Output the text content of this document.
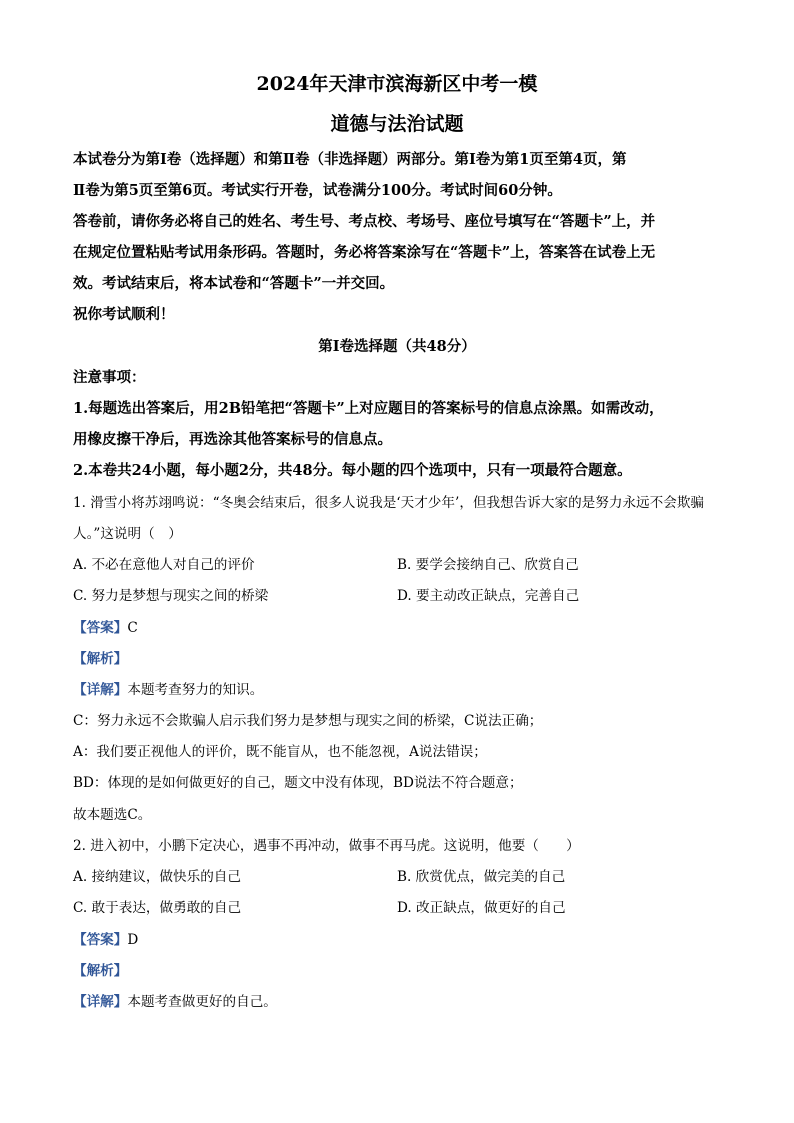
2024年天津市滨海新区中考一模
道德与法治试题
本试卷分为第Ⅰ卷（选择题）和第Ⅱ卷（非选择题）两部分。第Ⅰ卷为第1页至第4页，第
Ⅱ卷为第5页至第6页。考试实行开卷，试卷满分100分。考试时间60分钟。
答卷前，请你务必将自己的姓名、考生号、考点校、考场号、座位号填写在“答题卡”上，并
在规定位置粘贴考试用条形码。答题时，务必将答案涂写在“答题卡”上，答案答在试卷上无
效。考试结束后，将本试卷和“答题卡”一并交回。
祝你考试顺利！
第Ⅰ卷选择题（共48分）
注意事项：
1.每题选出答案后，用2B铅笔把“答题卡”上对应题目的答案标号的信息点涂黑。如需改动，
用橡皮擦干净后，再选涂其他答案标号的信息点。
2.本卷共24小题，每小题2分，共48分。每小题的四个选项中，只有一项最符合题意。
1. 滑雪小将苏翊鸣说：“冬奥会结束后，很多人说我是‘天才少年’，但我想告诉大家的是努力永远不会欺骗
人。”这说明（　）
A. 不必在意他人对自己的评价	B. 要学会接纳自己、欣赏自己
C. 努力是梦想与现实之间的桥梁	D. 要主动改正缺点，完善自己
【答案】C
【解析】
【详解】本题考查努力的知识。
C：努力永远不会欺骗人启示我们努力是梦想与现实之间的桥梁，C说法正确；
A：我们要正视他人的评价，既不能盲从，也不能忽视，A说法错误；
BD：体现的是如何做更好的自己，题文中没有体现，BD说法不符合题意；
故本题选C。
2. 进入初中，小鹏下定决心，遇事不再冲动，做事不再马虎。这说明，他要（　　）
A. 接纳建议，做快乐的自己	B. 欣赏优点，做完美的自己
C. 敢于表达，做勇敢的自己	D. 改正缺点，做更好的自己
【答案】D
【解析】
【详解】本题考查做更好的自己。
